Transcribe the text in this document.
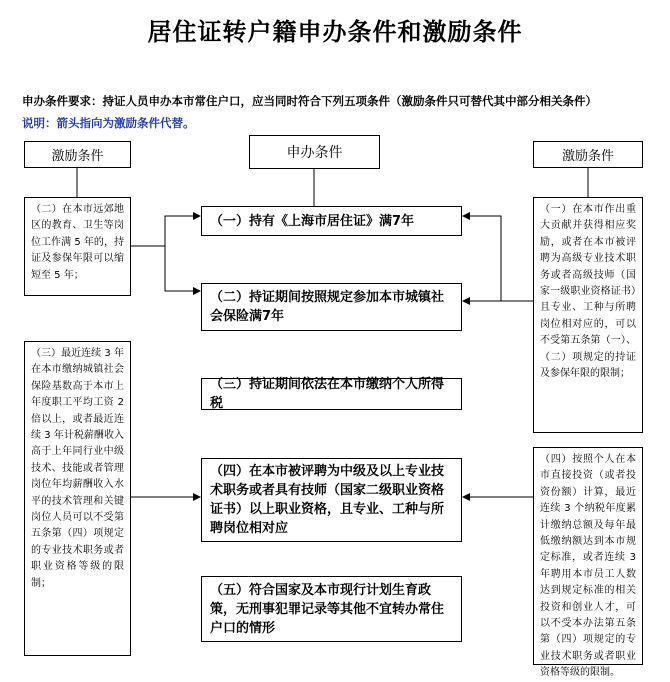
居住证转户籍申办条件和激励条件
申办条件要求：持证人员申办本市常住户口，应当同时符合下列五项条件（激励条件只可替代其中部分相关条件）
说明：箭头指向为激励条件代替。
激励条件	申办条件	激励条件
（一）持有《上海市居住证》满7年
（二）持证期间按照规定参加本市城镇社会保险满7年
（三）持证期间依法在本市缴纳个人所得税
（四）在本市被评聘为中级及以上专业技术职务或者具有技师（国家二级职业资格证书）以上职业资格，且专业、工种与所聘岗位相对应
（五）符合国家及本市现行计划生育政策，无刑事犯罪记录等其他不宜转办常住户口的情形
（二）在本市远郊地区的教育、卫生等岗位工作满 5 年的，持证及参保年限可以缩短至 5 年；
（三）最近连续 3 年在本市缴纳城镇社会保险基数高于本市上年度职工平均工资 2 倍以上，或者最近连续 3 年计税薪酬收入高于上年同行业中级技术、技能或者管理岗位年均薪酬收入水平的技术管理和关键岗位人员可以不受第五条第（四）项规定的专业技术职务或者职业资格等级的限制；
（一）在本市作出重大贡献并获得相应奖励，或者在本市被评聘为高级专业技术职务或者高级技师（国家一级职业资格证书）且专业、工种与所聘岗位相对应的，可以不受第五条第（一）、（二）项规定的持证及参保年限的限制；
（四）按照个人在本市直接投资（或者投资份额）计算，最近连续 3 个纳税年度累计缴纳总额及每年最低缴纳额达到本市规定标准，或者连续 3 年聘用本市员工人数达到规定标准的相关投资和创业人才，可以不受本办法第五条第（四）项规定的专业技术职务或者职业资格等级的限制。
